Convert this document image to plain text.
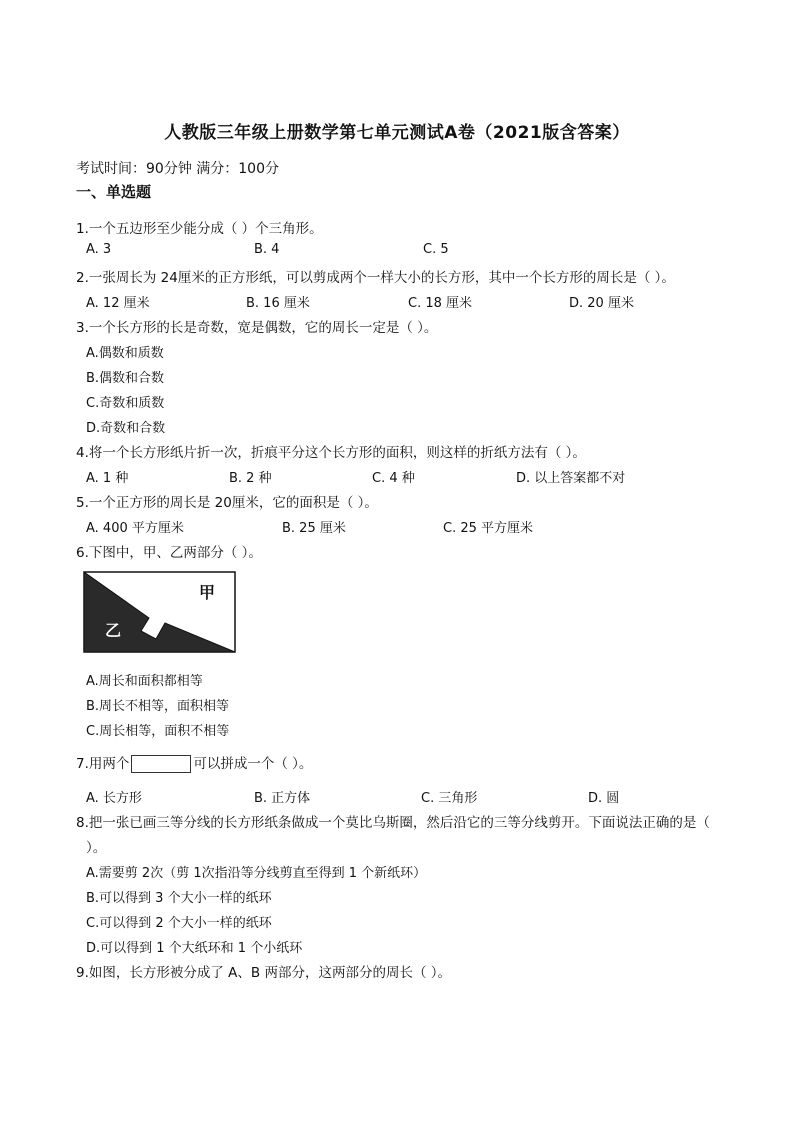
人教版三年级上册数学第七单元测试A卷（2021版含答案）
考试时间：90分钟 满分：100分
一、单选题
1.一个五边形至少能分成（ ）个三角形。
A. 3	B. 4	C. 5
2.一张周长为 24厘米的正方形纸，可以剪成两个一样大小的长方形，其中一个长方形的周长是（ ）。
A. 12 厘米	B. 16 厘米	C. 18 厘米	D. 20 厘米
3.一个长方形的长是奇数，宽是偶数，它的周长一定是（ ）。
A.偶数和质数
B.偶数和合数
C.奇数和质数
D.奇数和合数
4.将一个长方形纸片折一次，折痕平分这个长方形的面积，则这样的折纸方法有（ ）。
A. 1 种	B. 2 种	C. 4 种	D. 以上答案都不对
5.一个正方形的周长是 20厘米，它的面积是（ ）。
A. 400 平方厘米	B. 25 厘米	C. 25 平方厘米
6.下图中，甲、乙两部分（ ）。
甲
乙
A.周长和面积都相等
B.周长不相等，面积相等
C.周长相等，面积不相等
7.用两个	可以拼成一个（ ）。
A. 长方形	B. 正方体	C. 三角形	D. 圆
8.把一张已画三等分线的长方形纸条做成一个莫比乌斯圈，然后沿它的三等分线剪开。下面说法正确的是（
）。
A.需要剪 2次（剪 1次指沿等分线剪直至得到 1 个新纸环）
B.可以得到 3 个大小一样的纸环
C.可以得到 2 个大小一样的纸环
D.可以得到 1 个大纸环和 1 个小纸环
9.如图，长方形被分成了 A、B 两部分，这两部分的周长（ ）。
